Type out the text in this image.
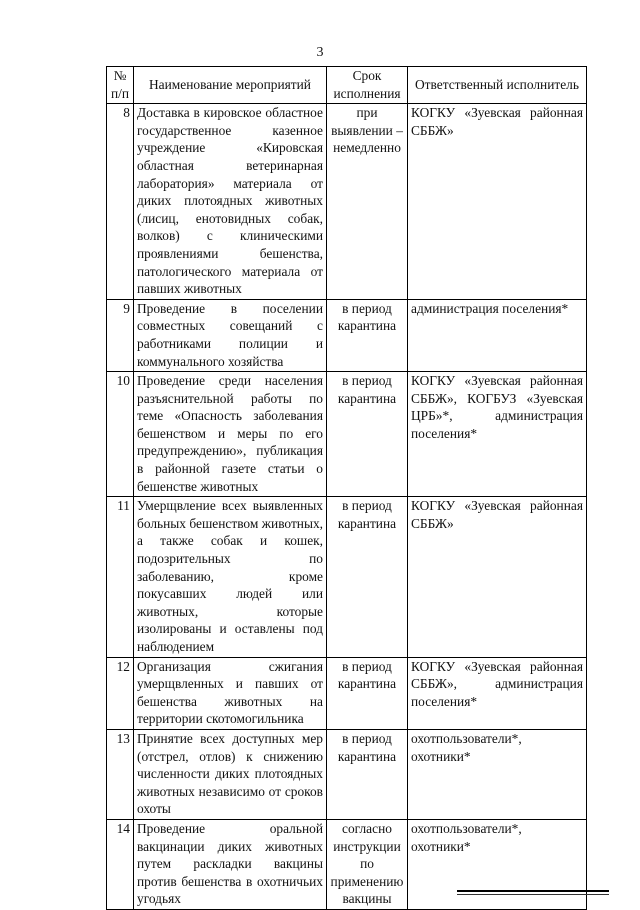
3
№ п/п	Наименование мероприятий	Срок исполнения	Ответственный исполнитель
8	Доставка в кировское областное государственное казенное учреждение «Кировская областная ветеринарная лаборатория» материала от диких плотоядных животных (лисиц, енотовидных собак, волков) с клиническими проявлениями бешенства, патологического материала от павших животных	при выявлении – немедленно	КОГКУ «Зуевская районная СББЖ»
9	Проведение в поселении совместных совещаний с работниками полиции и коммунального хозяйства	в период карантина	администрация поселения*
10	Проведение среди населения разъяснительной работы по теме «Опасность заболевания бешенством и меры по его предупреждению», публикация в районной газете статьи о бешенстве животных	в период карантина	КОГКУ «Зуевская районная СББЖ», КОГБУЗ «Зуевская ЦРБ»*, администрация поселения*
11	Умерщвление всех выявленных больных бешенством животных, а также собак и кошек, подозрительных по заболеванию, кроме покусавших людей или животных, которые изолированы и оставлены под наблюдением	в период карантина	КОГКУ «Зуевская районная СББЖ»
12	Организация сжигания умерщвленных и павших от бешенства животных на территории скотомогильника	в период карантина	КОГКУ «Зуевская районная СББЖ», администрация поселения*
13	Принятие всех доступных мер (отстрел, отлов) к снижению численности диких плотоядных животных независимо от сроков охоты	в период карантина	охотпользователи*, охотники*
14	Проведение оральной вакцинации диких животных путем раскладки вакцины против бешенства в охотничьих угодьях	согласно инструкции по применению вакцины	охотпользователи*, охотники*
